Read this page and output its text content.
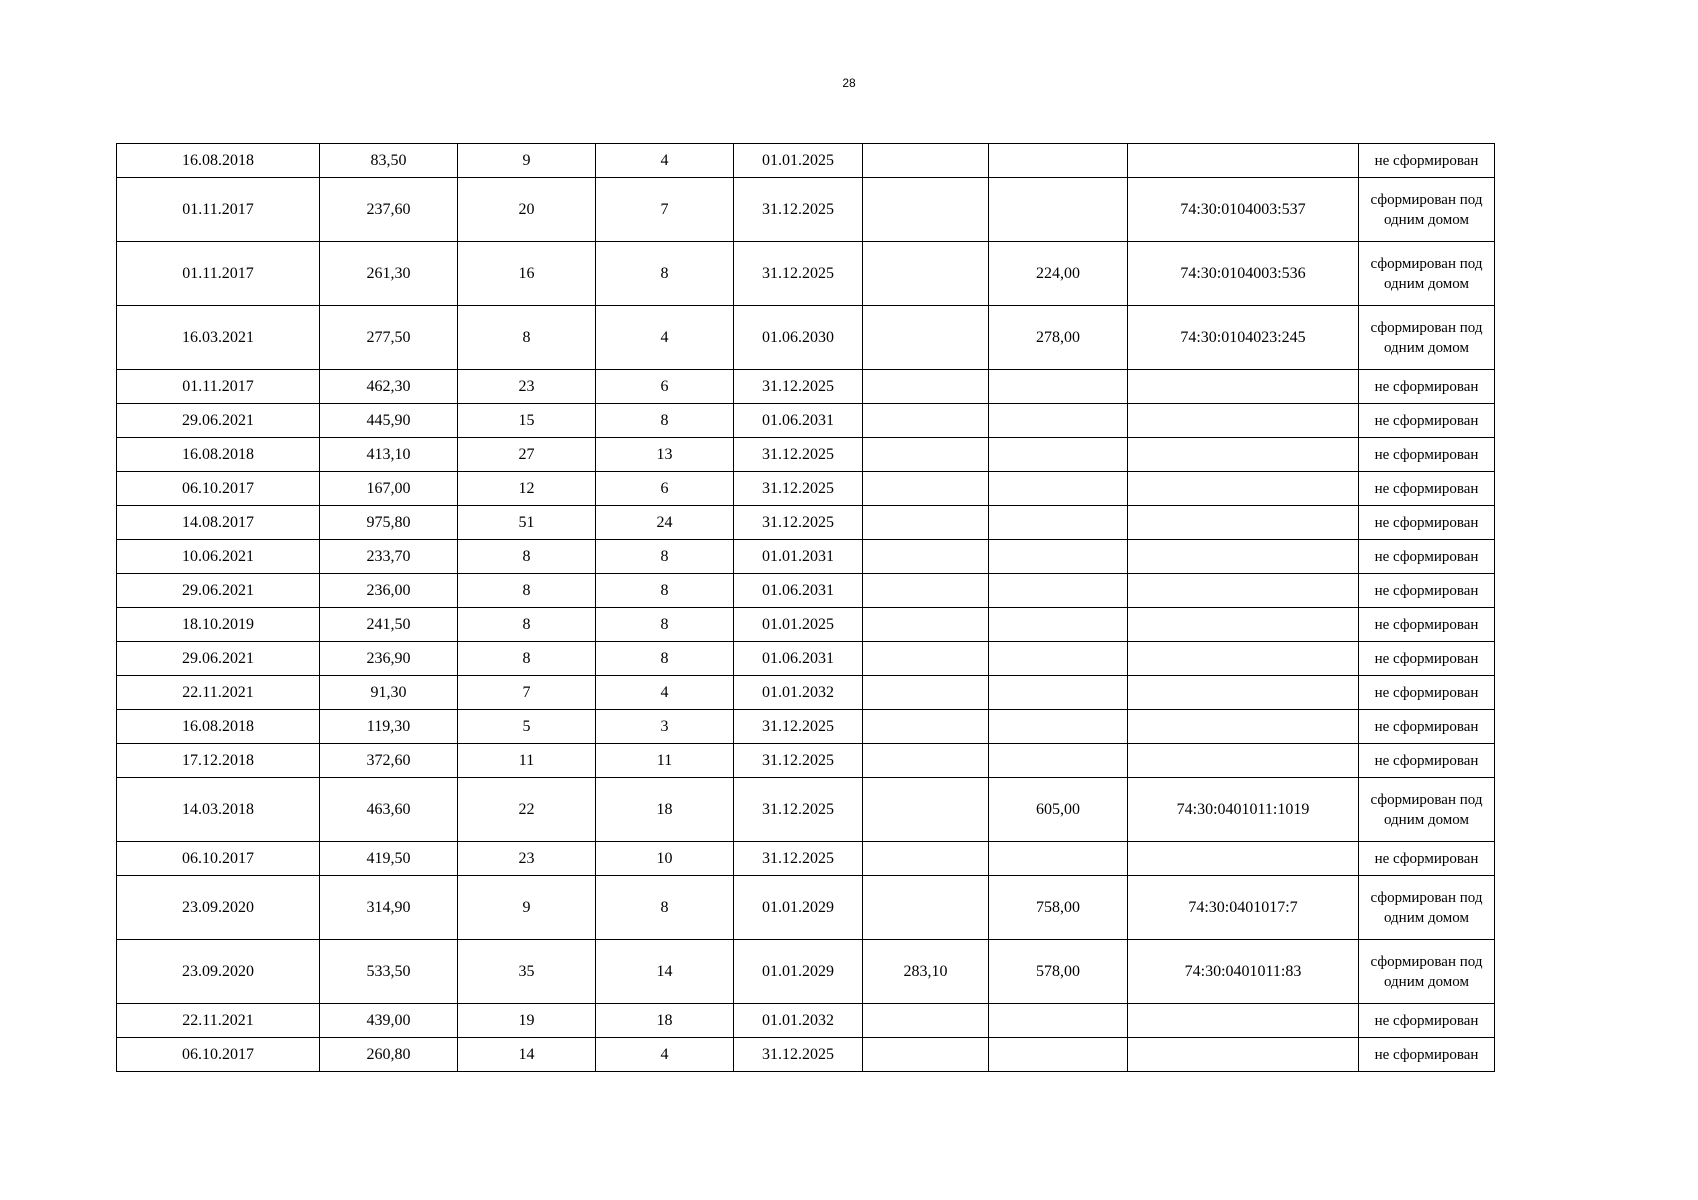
28
16.08.2018	83,50	9	4	01.01.2025				не сформирован
01.11.2017	237,60	20	7	31.12.2025			74:30:0104003:537	сформирован под одним домом
01.11.2017	261,30	16	8	31.12.2025		224,00	74:30:0104003:536	сформирован под одним домом
16.03.2021	277,50	8	4	01.06.2030		278,00	74:30:0104023:245	сформирован под одним домом
01.11.2017	462,30	23	6	31.12.2025				не сформирован
29.06.2021	445,90	15	8	01.06.2031				не сформирован
16.08.2018	413,10	27	13	31.12.2025				не сформирован
06.10.2017	167,00	12	6	31.12.2025				не сформирован
14.08.2017	975,80	51	24	31.12.2025				не сформирован
10.06.2021	233,70	8	8	01.01.2031				не сформирован
29.06.2021	236,00	8	8	01.06.2031				не сформирован
18.10.2019	241,50	8	8	01.01.2025				не сформирован
29.06.2021	236,90	8	8	01.06.2031				не сформирован
22.11.2021	91,30	7	4	01.01.2032				не сформирован
16.08.2018	119,30	5	3	31.12.2025				не сформирован
17.12.2018	372,60	11	11	31.12.2025				не сформирован
14.03.2018	463,60	22	18	31.12.2025		605,00	74:30:0401011:1019	сформирован под одним домом
06.10.2017	419,50	23	10	31.12.2025				не сформирован
23.09.2020	314,90	9	8	01.01.2029		758,00	74:30:0401017:7	сформирован под одним домом
23.09.2020	533,50	35	14	01.01.2029	283,10	578,00	74:30:0401011:83	сформирован под одним домом
22.11.2021	439,00	19	18	01.01.2032				не сформирован
06.10.2017	260,80	14	4	31.12.2025				не сформирован
